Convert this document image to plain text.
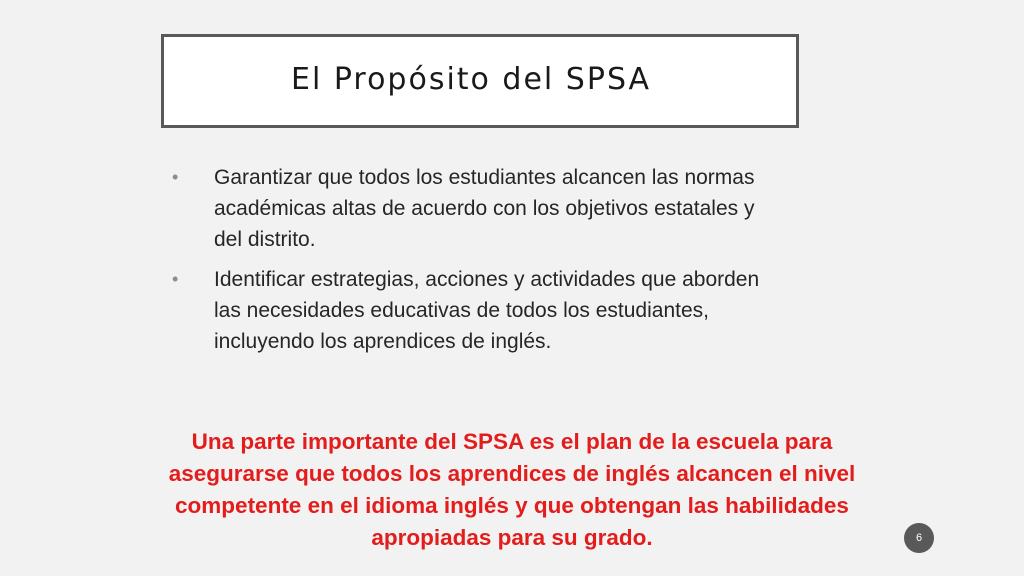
El Propósito del SPSA
• Garantizar que todos los estudiantes alcancen las normas académicas altas de acuerdo con los objetivos estatales y del distrito.
• Identificar estrategias, acciones y actividades que aborden las necesidades educativas de todos los estudiantes, incluyendo los aprendices de inglés.
Una parte importante del SPSA es el plan de la escuela para asegurarse que todos los aprendices de inglés alcancen el nivel competente en el idioma inglés y que obtengan las habilidades apropiadas para su grado.	6
